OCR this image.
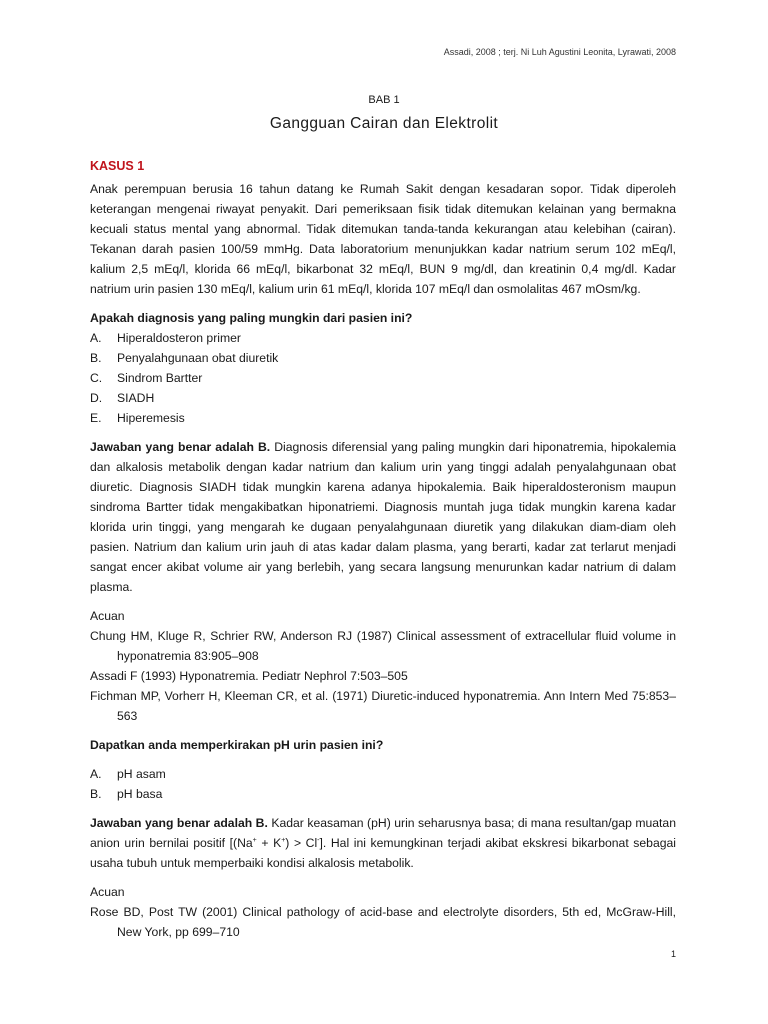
Assadi, 2008 ; terj. Ni Luh Agustini Leonita, Lyrawati, 2008
BAB 1
Gangguan Cairan dan Elektrolit
KASUS 1

Anak perempuan berusia 16 tahun datang ke Rumah Sakit dengan kesadaran sopor. Tidak diperoleh keterangan mengenai riwayat penyakit. Dari pemeriksaan fisik tidak ditemukan kelainan yang bermakna kecuali status mental yang abnormal. Tidak ditemukan tanda-tanda kekurangan atau kelebihan (cairan). Tekanan darah pasien 100/59 mmHg. Data laboratorium menunjukkan kadar natrium serum 102 mEq/l, kalium 2,5 mEq/l, klorida 66 mEq/l, bikarbonat 32 mEq/l, BUN 9 mg/dl, dan kreatinin 0,4 mg/dl. Kadar natrium urin pasien 130 mEq/l, kalium urin 61 mEq/l, klorida 107 mEq/l dan osmolalitas 467 mOsm/kg.

Apakah diagnosis yang paling mungkin dari pasien ini?
A.	Hiperaldosteron primer
B.	Penyalahgunaan obat diuretik
C.	Sindrom Bartter
D.	SIADH
E.	Hiperemesis

Jawaban yang benar adalah B. Diagnosis diferensial yang paling mungkin dari hiponatremia, hipokalemia dan alkalosis metabolik dengan kadar natrium dan kalium urin yang tinggi adalah penyalahgunaan obat diuretic. Diagnosis SIADH tidak mungkin karena adanya hipokalemia. Baik hiperaldosteronism maupun sindroma Bartter tidak mengakibatkan hiponatriemi. Diagnosis muntah juga tidak mungkin karena kadar klorida urin tinggi, yang mengarah ke dugaan penyalahgunaan diuretik yang dilakukan diam-diam oleh pasien. Natrium dan kalium urin jauh di atas kadar dalam plasma, yang berarti, kadar zat terlarut menjadi sangat encer akibat volume air yang berlebih, yang secara langsung menurunkan kadar natrium di dalam plasma.

Acuan

Chung HM, Kluge R, Schrier RW, Anderson RJ (1987) Clinical assessment of extracellular fluid volume in hyponatremia 83:905–908

Assadi F (1993) Hyponatremia. Pediatr Nephrol 7:503–505

Fichman MP, Vorherr H, Kleeman CR, et al. (1971) Diuretic-induced hyponatremia. Ann Intern Med 75:853–563

Dapatkan anda memperkirakan pH urin pasien ini?
A.	pH asam
B.	pH basa

Jawaban yang benar adalah B. Kadar keasaman (pH) urin seharusnya basa; di mana resultan/gap muatan anion urin bernilai positif [(Na+ + K+) > Cl-]. Hal ini kemungkinan terjadi akibat ekskresi bikarbonat sebagai usaha tubuh untuk memperbaiki kondisi alkalosis metabolik.

Acuan

Rose BD, Post TW (2001) Clinical pathology of acid-base and electrolyte disorders, 5th ed, McGraw-Hill, New York, pp 699–710

1
